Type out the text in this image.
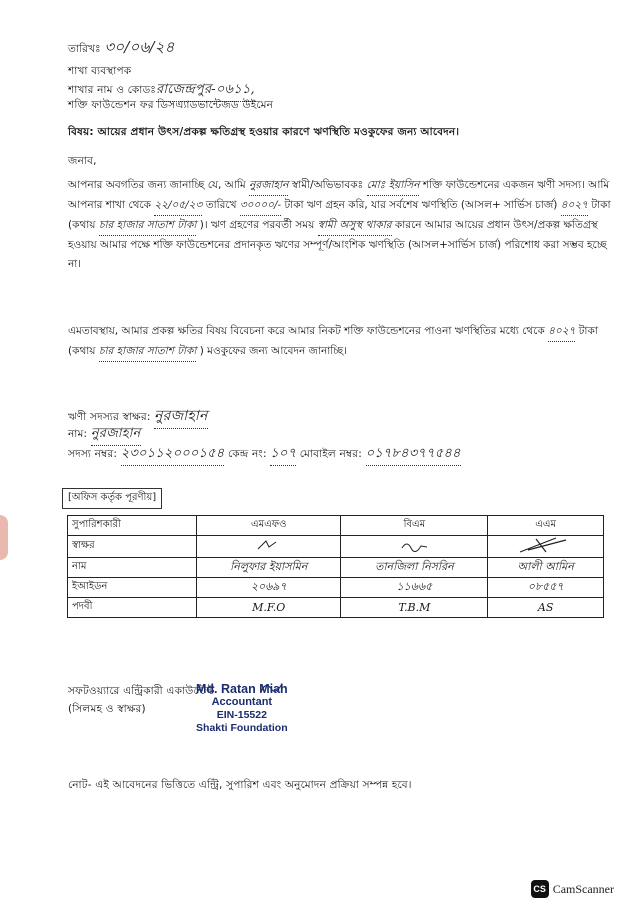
তারিখঃ ৩০/০৬/২৪
শাখা ব্যবস্থাপক
শাখার নাম ও কোডঃরাজেন্দ্রপুর-০৬১১,
শক্তি ফাউন্ডেশন ফর ডিসএ্যাডভান্টেজড উইমেন
বিষয়: আয়ের প্রধান উৎস/প্রকল্প ক্ষতিগ্রস্থ হওয়ার কারণে ঋণস্থিতি মওকুফের জন্য আবেদন।
জনাব,
আপনার অবগতির জন্য জানাচ্ছি যে, আমি নুরজাহান স্বামী/অভিভাবকঃ মোঃ ইয়াসিন শক্তি ফাউন্ডেশনের একজন ঋণী সদস্য। আমি আপনার শাখা থেকে ২২/০৫/২৩ তারিখে ৩০০০০/- টাকা ঋণ গ্রহন করি, যার সর্বশেষ ঋণস্থিতি (আসল+ সার্ভিস চার্জ) ৪০২৭ টাকা (কথায় চার হাজার সাতাশ টাকা )। ঋণ গ্রহণের পরবর্তী সময় স্বামী অসুস্থ থাকার কারনে আমার আয়ের প্রধান উৎস/প্রকল্প ক্ষতিগ্রস্থ হওয়ায় আমার পক্ষে শক্তি ফাউন্ডেশনের প্রদানকৃত ঋণের সম্পূর্ণ/আংশিক ঋণস্থিতি (আসল+সার্ভিস চার্জ) পরিশোধ করা সম্ভব হচ্ছে না।
এমতাবস্থায়, আমার প্রকল্প ক্ষতির বিষয় বিবেচনা করে আমার নিকট শক্তি ফাউন্ডেশনের পাওনা ঋণস্থিতির মধ্যে থেকে ৪০২৭ টাকা (কথায় চার হাজার সাতাশ টাকা ) মওকুফের জন্য আবেদন জানাচ্ছি।
ঋণী সদস্যর স্বাক্ষর: নুরজাহান
নাম: নুরজাহান
সদস্য নম্বর: ২৩০১১২০০০১৫৪ কেন্দ্র নং: ১০৭ মোবাইল নম্বর: ০১৭৮৪৩৭৭৫৪৪
[অফিস কর্তৃক পূরণীয়]
সুপারিশকারী	এমএফও	বিএম	এএম
স্বাক্ষর			
নাম	নিলুফার ইয়াসমিন	তানজিলা নিসরিন	আলী আমিন
ইআইডন	২০৬৯৭	১১৬৬৫	০৮৫৫৭
পদবী	M.F.O	T.B.M	AS
সফটওয়্যারে এন্ট্রিকারী একাউন্টেন্ট
(সিলমহ ও স্বাক্ষর)
Md. Ratan Miah
Accountant
EIN-15522
Shakti Foundation
নোট- এই আবেদনের ভিত্তিতে এন্ট্রি, সুপারিশ এবং অনুমোদন প্রক্রিয়া সম্পন্ন হবে।
CS CamScanner
